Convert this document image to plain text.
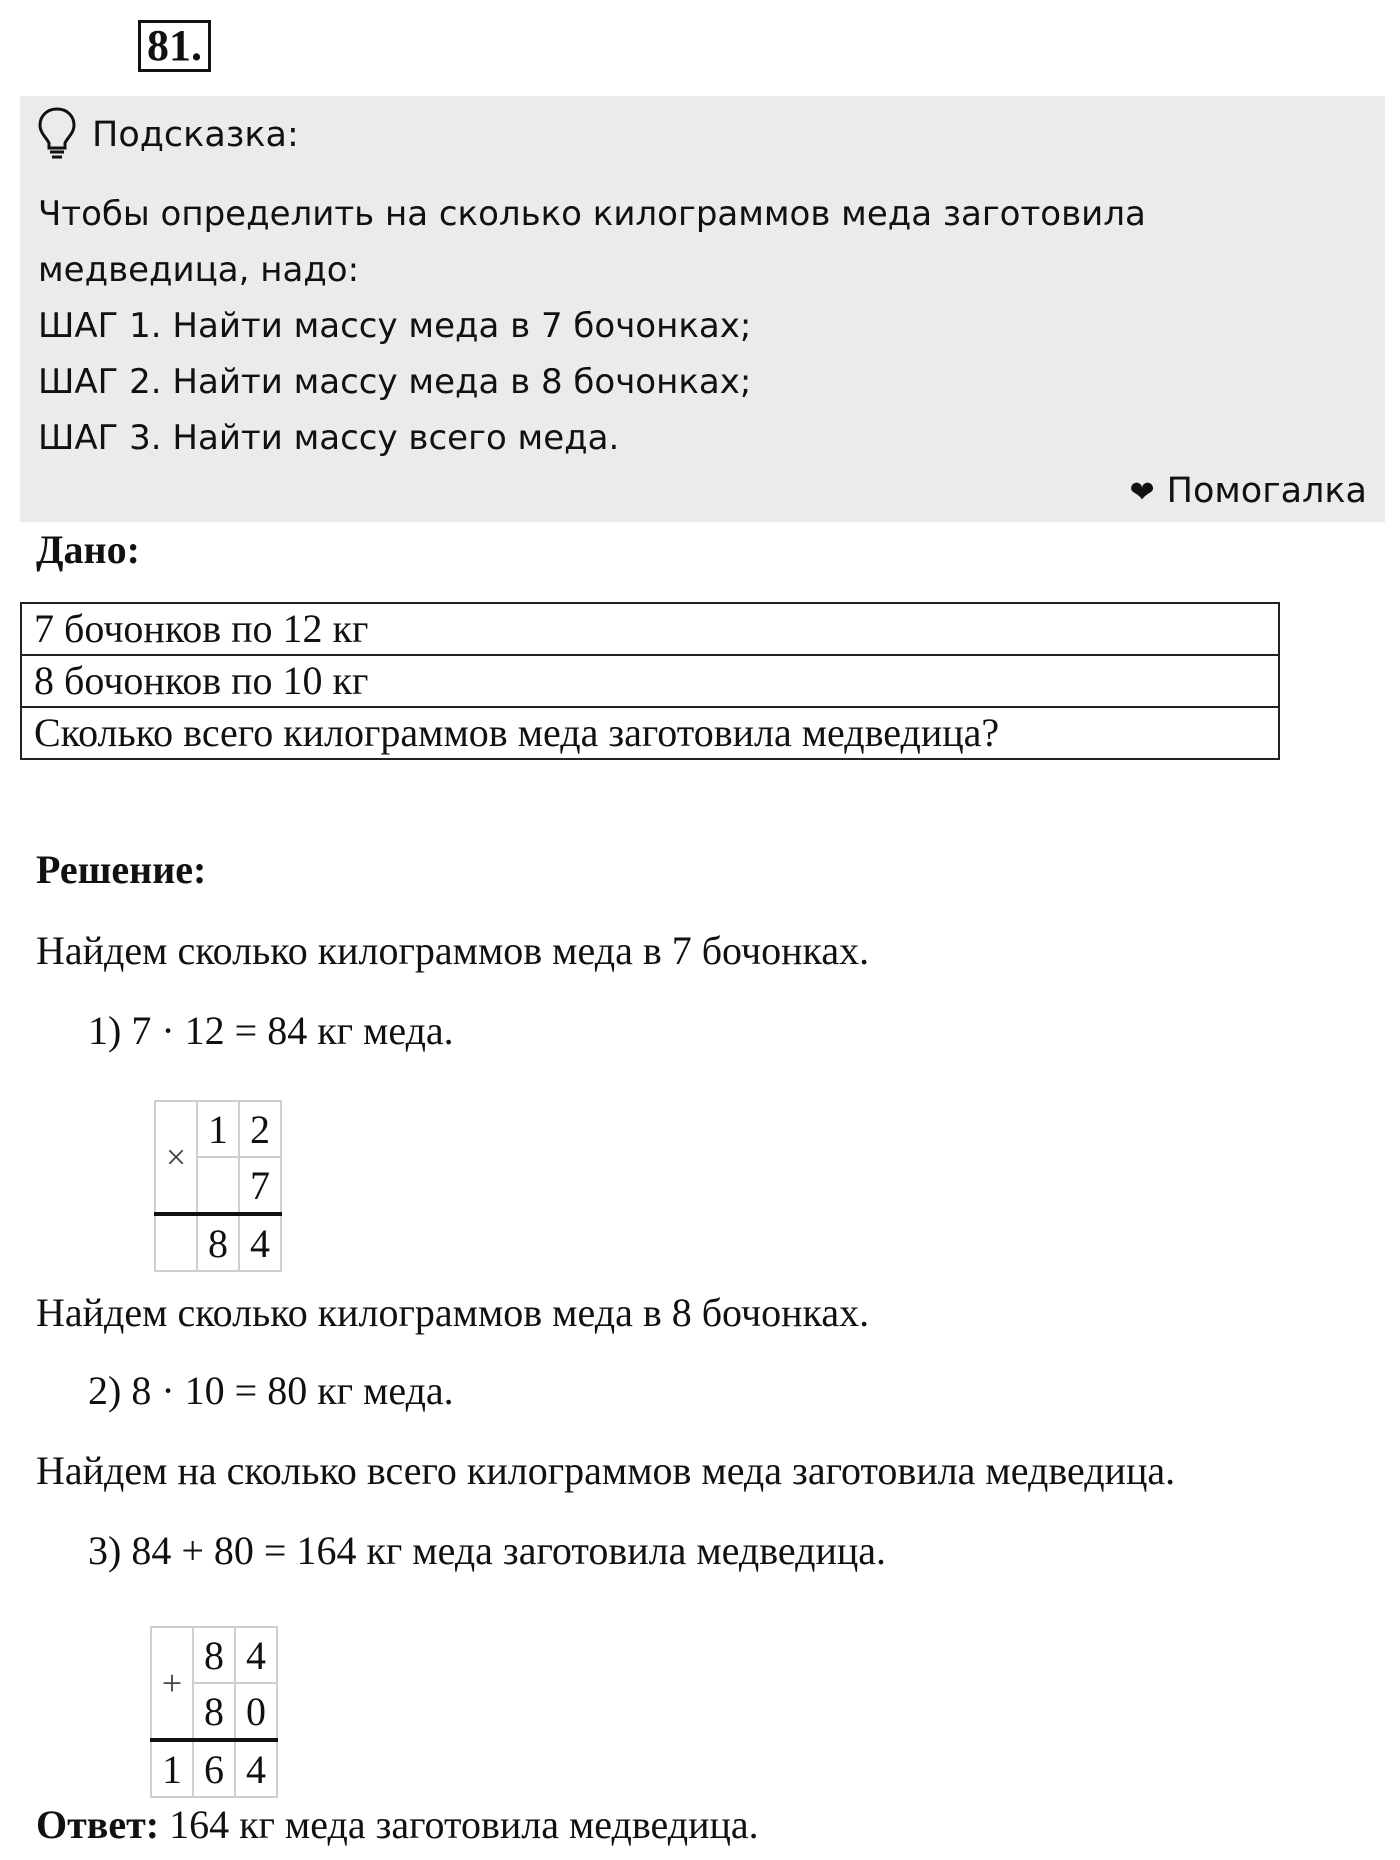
81.
Подсказка:

Чтобы определить на сколько килограммов меда заготовила медведица, надо:

ШАГ 1. Найти массу меда в 7 бочонках;

ШАГ 2. Найти массу меда в 8 бочонках;

ШАГ 3. Найти массу всего меда.

❤ Помогалка
Дано:
7 бочонков по 12 кг
8 бочонков по 10 кг
Сколько всего килограммов меда заготовила медведица?
Решение:
Найдем сколько килограммов меда в 7 бочонках.
1) 7 · 12 = 84 кг меда.
×	1	2
		7
	8	4
Найдем сколько килограммов меда в 8 бочонках.
2) 8 · 10 = 80 кг меда.
Найдем на сколько всего килограммов меда заготовила медведица.
3) 84 + 80 = 164 кг меда заготовила медведица.
+	8	4
	8	0
1	6	4
Ответ: 164 кг меда заготовила медведица.
